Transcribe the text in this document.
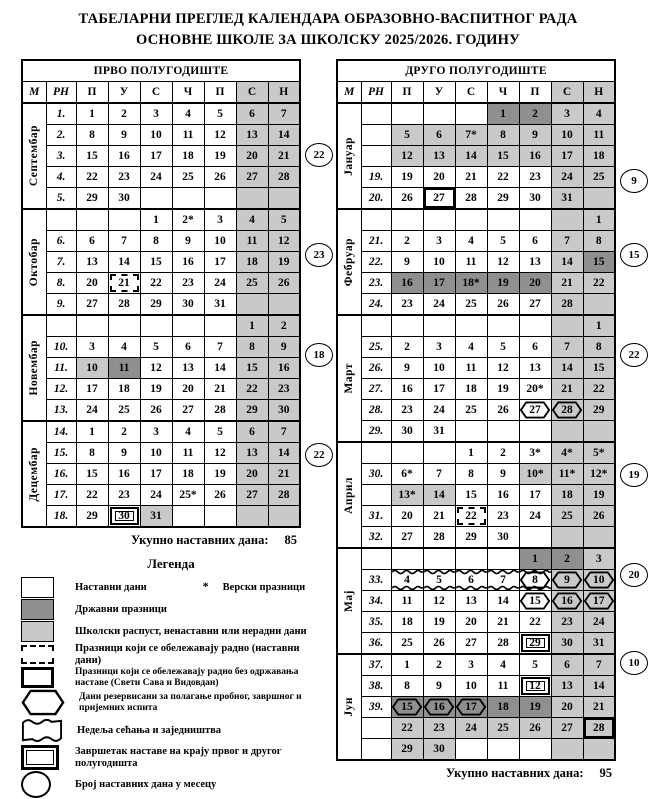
ТАБЕЛАРНИ ПРЕГЛЕД КАЛЕНДАРА ОБРАЗОВНО-ВАСПИТНОГ РАДА
ОСНОВНЕ ШКОЛЕ ЗА ШКОЛСКУ 2025/2026. ГОДИНУ
ПРВО ПОЛУГОДИШТЕ								
М	РН	П	У	С	Ч	П	С	Н

Септембар	1.	1	2	3	4	5	6	7
	2.	8	9	10	11	12	13	14
	3.	15	16	17	18	19	20	21
	4.	22	23	24	25	26	27	28
	5.	29	30					

Октобар				1	2*	3	4	5
	6.	6	7	8	9	10	11	12
	7.	13	14	15	16	17	18	19
	8.	20	21	22	23	24	25	26
	9.	27	28	29	30	31		

Новембар							1	2
	10.	3	4	5	6	7	8	9
	11.	10	11	12	13	14	15	16
	12.	17	18	19	20	21	22	23
	13.	24	25	26	27	28	29	30

Децембар	14.	1	2	3	4	5	6	7
	15.	8	9	10	11	12	13	14
	16.	15	16	17	18	19	20	21
	17.	22	23	24	25*	26	27	28
	18.	29	30	31				
22
23
18
22
Укупно наставних дана: 85
Легенда
Наставни дани	* Верски празници
Државни празници
Школски распуст, ненаставни или нерадни дани
Празници који се обележавају радно (наставни дани)
Празници који се обележавају радно без одржавања наставе (Свети Сава и Видовдан)
Дани резервисани за полагање пробног, завршног и пријемних испита
Недеља сећања и заједништва
Завршетак наставе на крају првог и другог полугодишта
Број наставних дана у месецу
ДРУГО ПОЛУГОДИШТЕ								
М	РН	П	У	С	Ч	П	С	Н

Јануар					1	2	3	4
		5	6	7*	8	9	10	11
		12	13	14	15	16	17	18
	19.	19	20	21	22	23	24	25
	20.	26	27	28	29	30	31	

Фебруар								1
	21.	2	3	4	5	6	7	8
	22.	9	10	11	12	13	14	15
	23.	16	17	18*	19	20	21	22
	24.	23	24	25	26	27	28	

Март								1
	25.	2	3	4	5	6	7	8
	26.	9	10	11	12	13	14	15
	27.	16	17	18	19	20*	21	22
	28.	23	24	25	26	27	28	29
	29.	30	31					

Април				1	2	3*	4*	5*
	30.	6*	7	8	9	10*	11*	12*
		13*	14	15	16	17	18	19
	31.	20	21	22	23	24	25	26
	32.	27	28	29	30			

Мај						1	2	3
	33.	4	5	6	7	8	9	10
	34.	11	12	13	14	15	16	17
	35.	18	19	20	21	22	23	24
	36.	25	26	27	28	29	30	31

Јун	37.	1	2	3	4	5	6	7
	38.	8	9	10	11	12	13	14
	39.	15	16	17	18	19	20	21
		22	23	24	25	26	27	28
		29	30					
9
15
22
19
20
10
Укупно наставних дана: 95
